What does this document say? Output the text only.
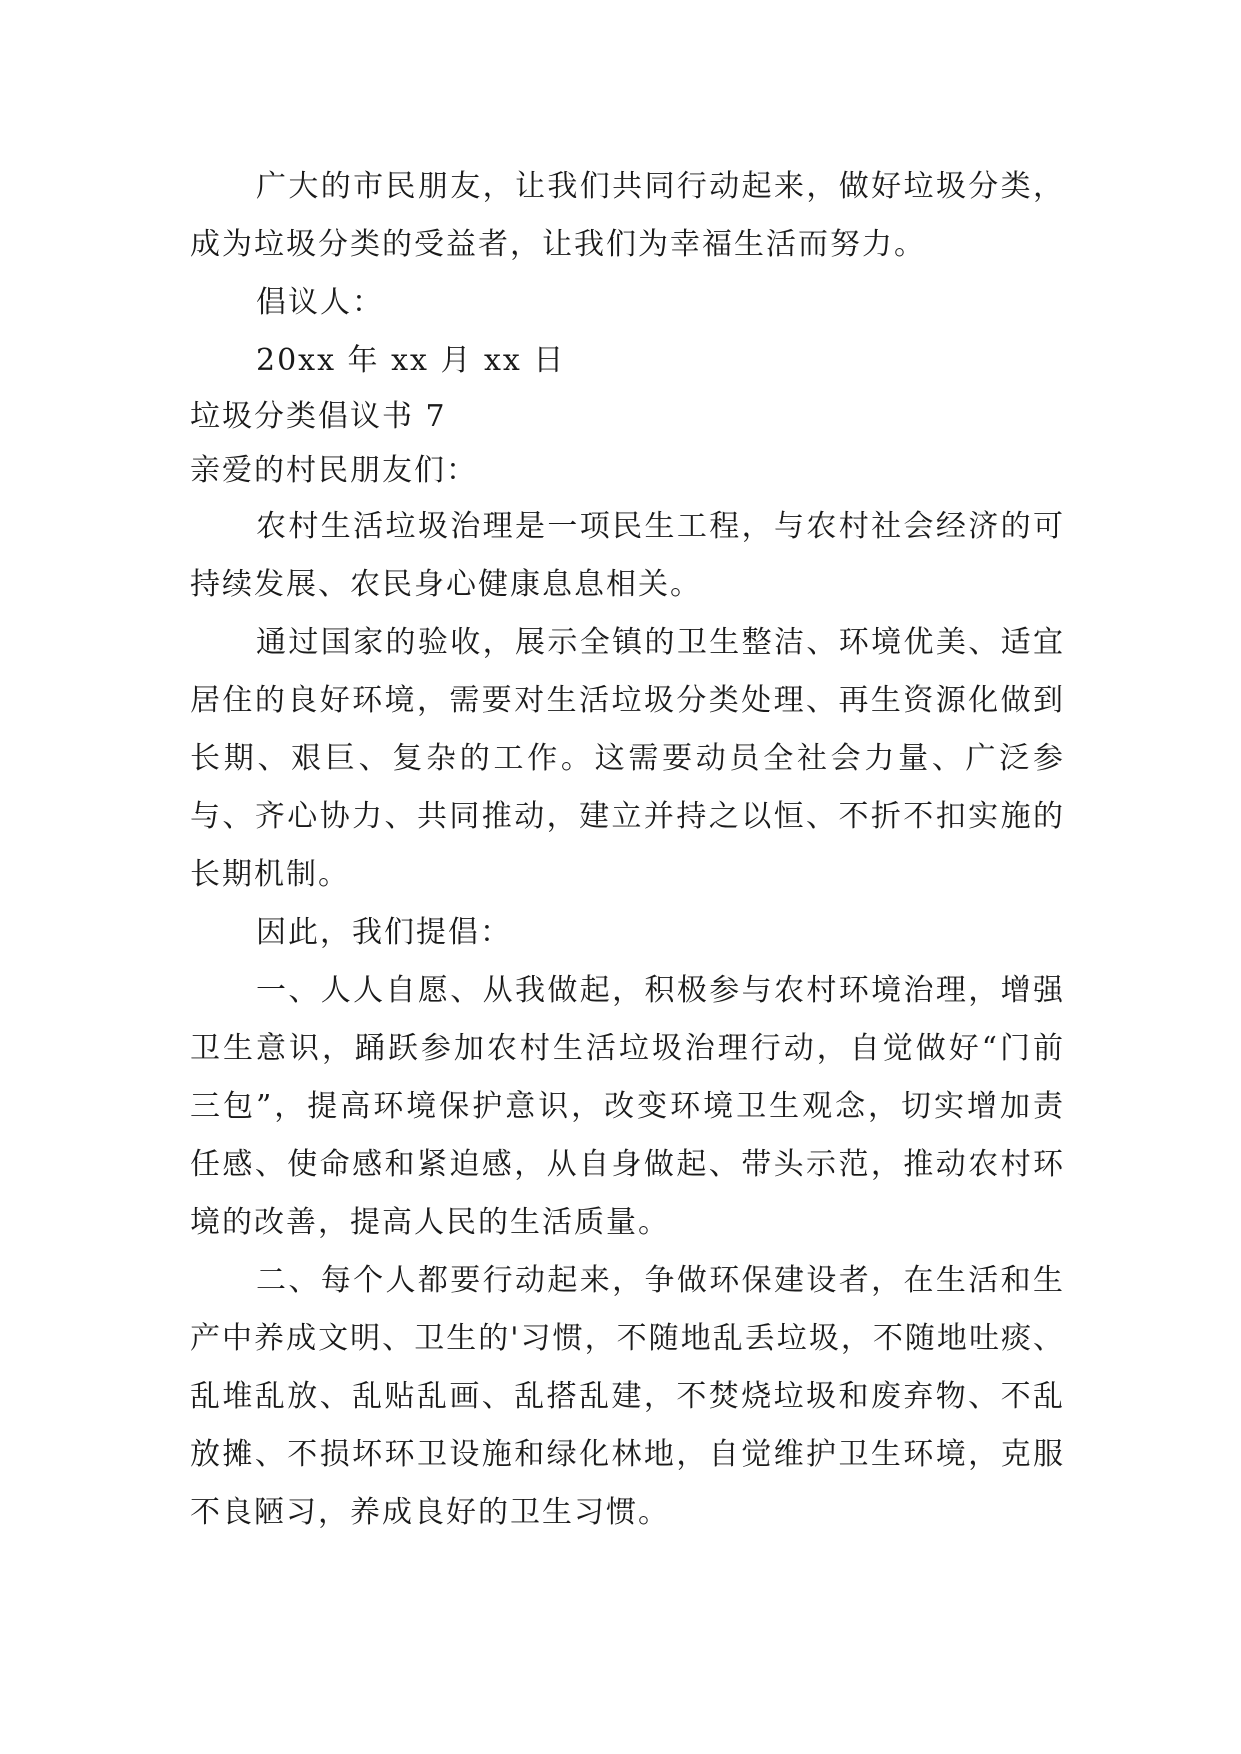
广大的市民朋友，让我们共同行动起来，做好垃圾分类，成为垃圾分类的受益者，让我们为幸福生活而努力。

倡议人：

20xx 年 xx 月 xx 日

垃圾分类倡议书 7

亲爱的村民朋友们：

农村生活垃圾治理是一项民生工程，与农村社会经济的可持续发展、农民身心健康息息相关。

通过国家的验收，展示全镇的卫生整洁、环境优美、适宜居住的良好环境，需要对生活垃圾分类处理、再生资源化做到长期、艰巨、复杂的工作。这需要动员全社会力量、广泛参与、齐心协力、共同推动，建立并持之以恒、不折不扣实施的长期机制。

因此，我们提倡：

一、人人自愿、从我做起，积极参与农村环境治理，增强卫生意识，踊跃参加农村生活垃圾治理行动，自觉做好“门前三包”，提高环境保护意识，改变环境卫生观念，切实增加责任感、使命感和紧迫感，从自身做起、带头示范，推动农村环境的改善，提高人民的生活质量。

二、每个人都要行动起来，争做环保建设者，在生活和生产中养成文明、卫生的'习惯，不随地乱丢垃圾，不随地吐痰、乱堆乱放、乱贴乱画、乱搭乱建，不焚烧垃圾和废弃物、不乱放摊、不损坏环卫设施和绿化林地，自觉维护卫生环境，克服不良陋习，养成良好的卫生习惯。
